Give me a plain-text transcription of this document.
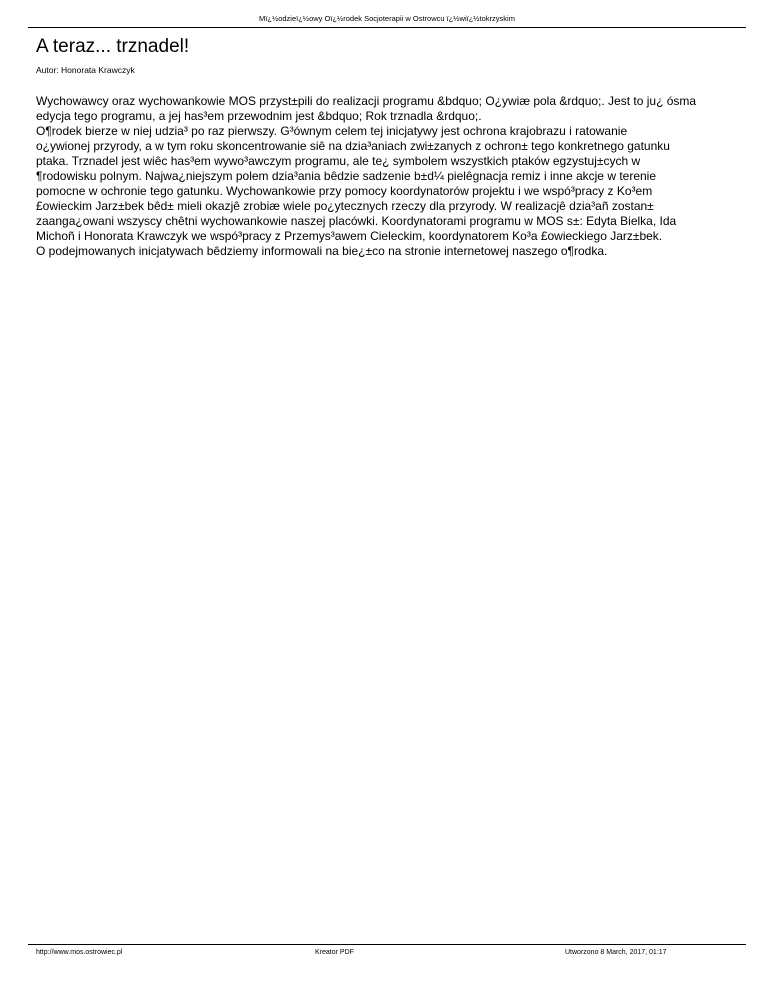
Mï¿½odzieï¿½owy Oï¿½rodek Socjoterapii w Ostrowcu ï¿½wiï¿½tokrzyskim
A teraz... trznadel!
Autor: Honorata Krawczyk
Wychowawcy oraz wychowankowie MOS przyst±pili do realizacji programu &bdquo; O¿ywiæ pola &rdquo;. Jest to ju¿ ósma
edycja tego programu, a jej has³em przewodnim jest &bdquo; Rok trznadla &rdquo;.
O¶rodek bierze w niej udzia³ po raz pierwszy. G³ównym celem tej inicjatywy jest ochrona krajobrazu i ratowanie
o¿ywionej przyrody, a w tym roku skoncentrowanie siê na dzia³aniach zwi±zanych z ochron± tego konkretnego gatunku
ptaka. Trznadel jest wiêc has³em wywo³awczym programu, ale te¿ symbolem wszystkich ptaków egzystuj±cych w
¶rodowisku polnym. Najwa¿niejszym polem dzia³ania bêdzie sadzenie b±d¼ pielêgnacja remiz i inne akcje w terenie
pomocne w ochronie tego gatunku. Wychowankowie przy pomocy koordynatorów projektu i we wspó³pracy z Ko³em
£owieckim Jarz±bek bêd± mieli okazjê zrobiæ wiele po¿ytecznych rzeczy dla przyrody. W realizacjê dzia³añ zostan±
zaanga¿owani wszyscy chêtni wychowankowie naszej placówki. Koordynatorami programu w MOS s±: Edyta Bielka, Ida
Michoñ i Honorata Krawczyk we wspó³pracy z Przemys³awem Cieleckim, koordynatorem Ko³a £owieckiego Jarz±bek.
O podejmowanych inicjatywach bêdziemy informowali na bie¿±co na stronie internetowej naszego o¶rodka.
http://www.mos.ostrowiec.pl	Kreator PDF	Utworzono 8 March, 2017, 01:17
